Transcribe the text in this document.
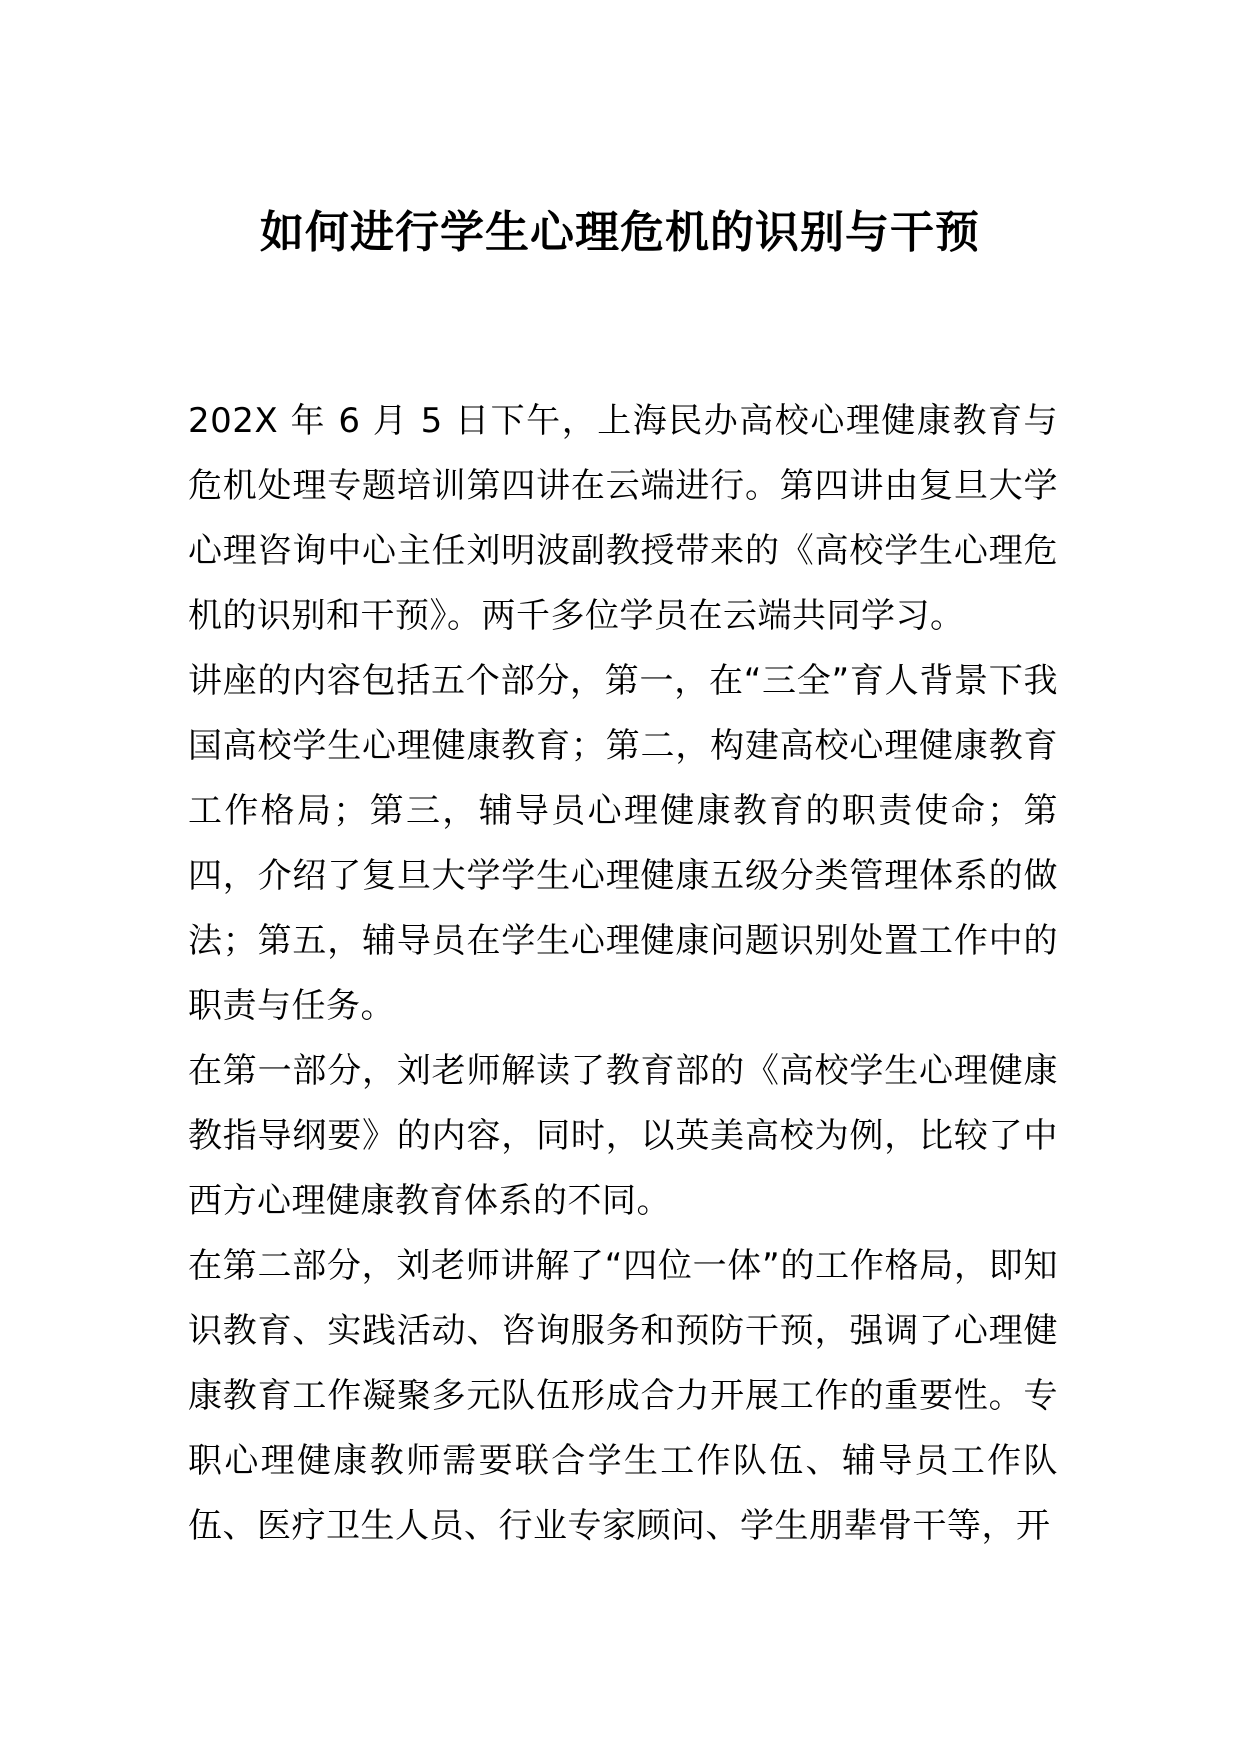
如何进行学生心理危机的识别与干预

202X 年 6 月 5 日下午，上海民办高校心理健康教育与危机处理专题培训第四讲在云端进行。第四讲由复旦大学心理咨询中心主任刘明波副教授带来的《高校学生心理危机的识别和干预》。两千多位学员在云端共同学习。

讲座的内容包括五个部分，第一，在“三全”育人背景下我国高校学生心理健康教育；第二，构建高校心理健康教育工作格局；第三，辅导员心理健康教育的职责使命；第四，介绍了复旦大学学生心理健康五级分类管理体系的做法；第五，辅导员在学生心理健康问题识别处置工作中的职责与任务。

在第一部分，刘老师解读了教育部的《高校学生心理健康教指导纲要》的内容，同时，以英美高校为例，比较了中西方心理健康教育体系的不同。

在第二部分，刘老师讲解了“四位一体”的工作格局，即知识教育、实践活动、咨询服务和预防干预，强调了心理健康教育工作凝聚多元队伍形成合力开展工作的重要性。专职心理健康教师需要联合学生工作队伍、辅导员工作队伍、医疗卫生人员、行业专家顾问、学生朋辈骨干等，开
